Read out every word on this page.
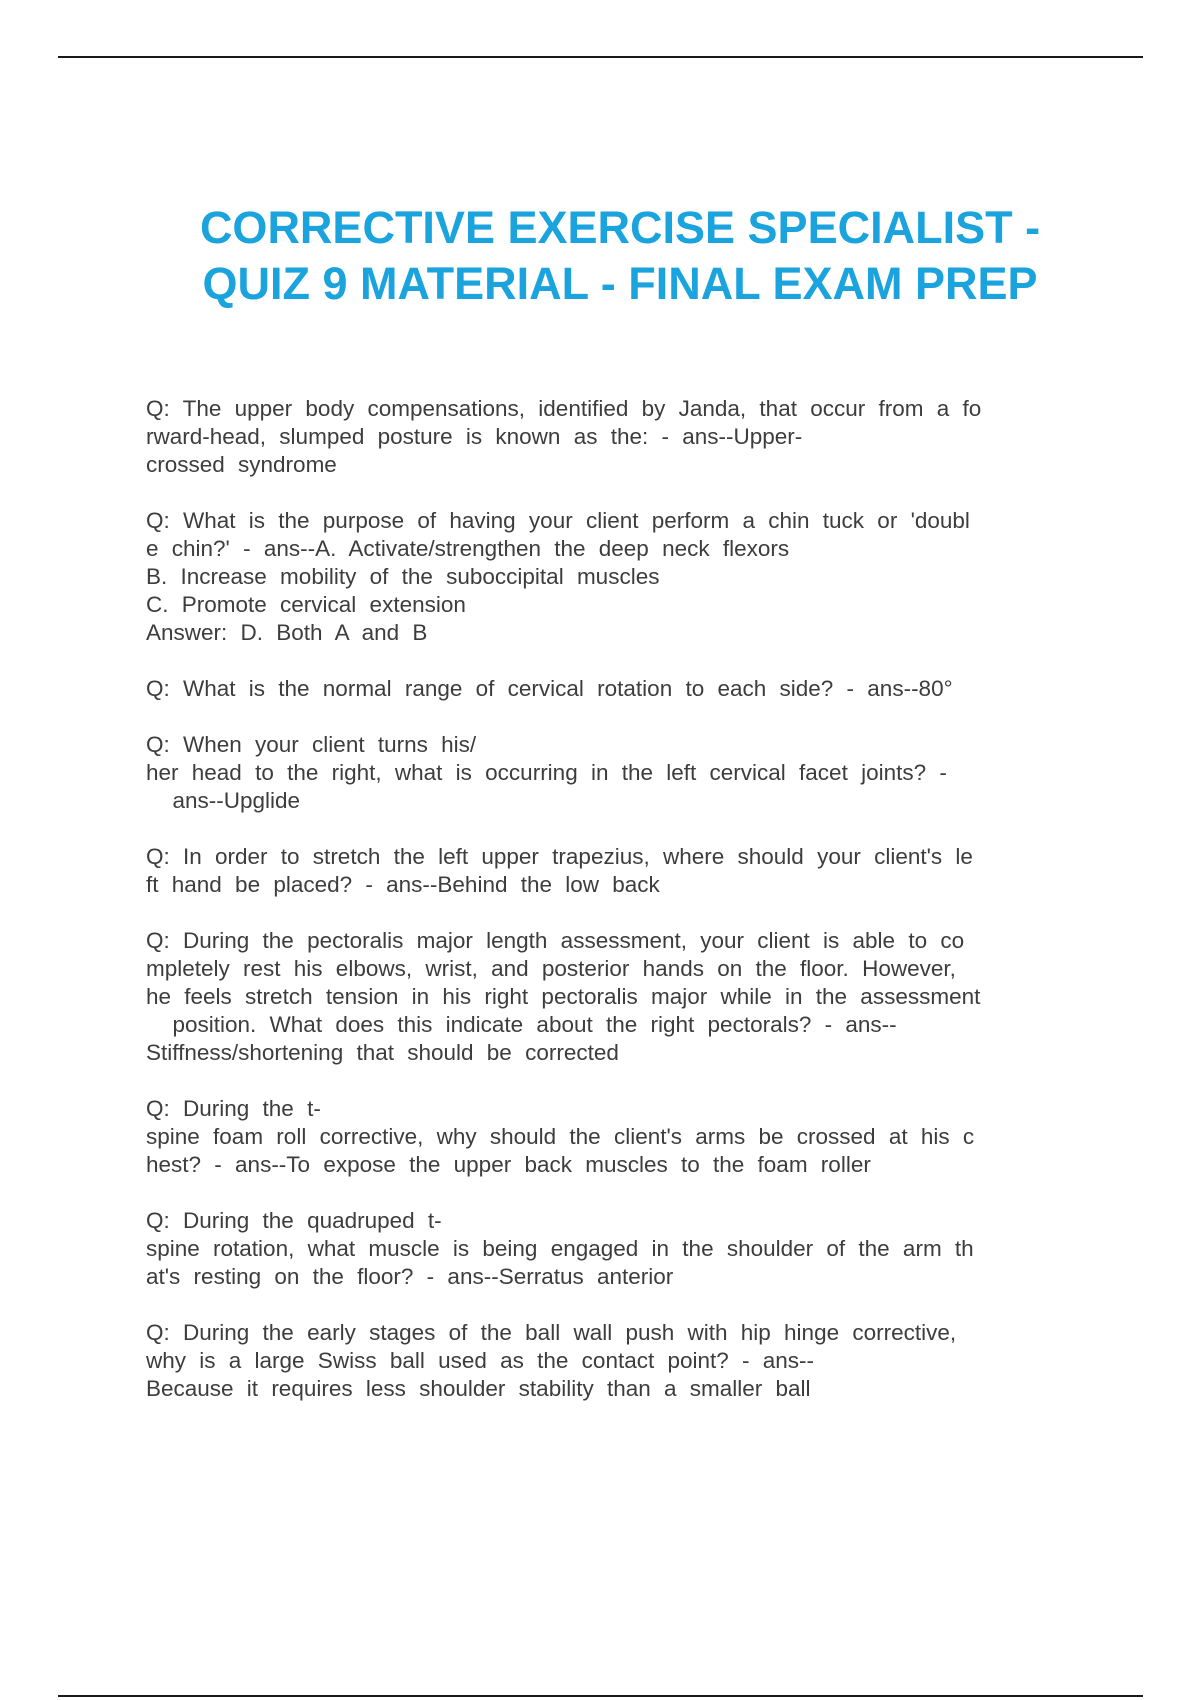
CORRECTIVE EXERCISE SPECIALIST -
QUIZ 9 MATERIAL - FINAL EXAM PREP

Q: The upper body compensations, identified by Janda, that occur from a fo
rward-head, slumped posture is known as the: - ans--Upper-
crossed syndrome

Q: What is the purpose of having your client perform a chin tuck or 'doubl
e chin?' - ans--A. Activate/strengthen the deep neck flexors
B. Increase mobility of the suboccipital muscles
C. Promote cervical extension
Answer: D. Both A and B

Q: What is the normal range of cervical rotation to each side? - ans--80°

Q: When your client turns his/
her head to the right, what is occurring in the left cervical facet joints? -
ans--Upglide

Q: In order to stretch the left upper trapezius, where should your client's le
ft hand be placed? - ans--Behind the low back

Q: During the pectoralis major length assessment, your client is able to co
mpletely rest his elbows, wrist, and posterior hands on the floor. However,
he feels stretch tension in his right pectoralis major while in the assessment
position. What does this indicate about the right pectorals? - ans--
Stiffness/shortening that should be corrected

Q: During the t-
spine foam roll corrective, why should the client's arms be crossed at his c
hest? - ans--To expose the upper back muscles to the foam roller

Q: During the quadruped t-
spine rotation, what muscle is being engaged in the shoulder of the arm th
at's resting on the floor? - ans--Serratus anterior

Q: During the early stages of the ball wall push with hip hinge corrective,
why is a large Swiss ball used as the contact point? - ans--
Because it requires less shoulder stability than a smaller ball
